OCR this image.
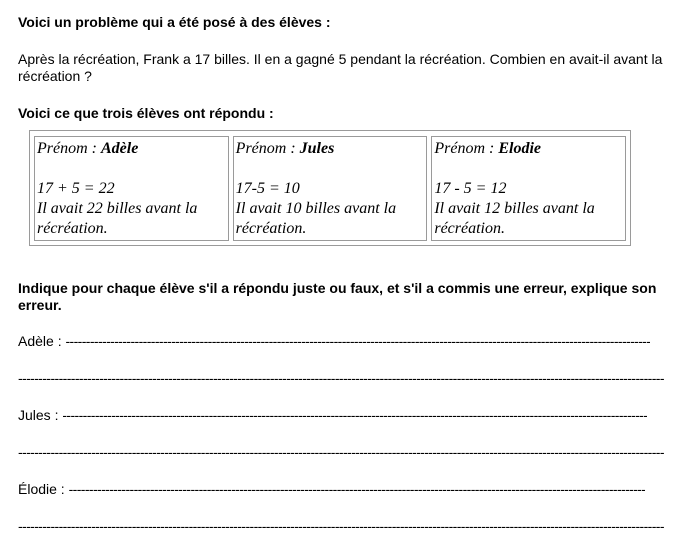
Voici un problème qui a été posé à des élèves :

Après la récréation, Frank a 17 billes. Il en a gagné 5 pendant la récréation. Combien en avait-il avant la récréation ?

Voici ce que trois élèves ont répondu :

Indique pour chaque élève s'il a répondu juste ou faux, et s'il a commis une erreur, explique son erreur.
Adèle : ------------------------------------------------------------------------------------------------------------------------------------------------
---------------------------------------------------------------------------------------------------------------------------------------------------------------
Jules : ------------------------------------------------------------------------------------------------------------------------------------------------
---------------------------------------------------------------------------------------------------------------------------------------------------------------
Élodie : ----------------------------------------------------------------------------------------------------------------------------------------------
---------------------------------------------------------------------------------------------------------------------------------------------------------------
Prénom : Adèle
17 + 5 = 22
Il avait 22 billes avant la récréation.
Prénom : Jules
17-5 = 10
Il avait 10 billes avant la récréation.
Prénom : Elodie
17 - 5 = 12
Il avait 12 billes avant la récréation.
